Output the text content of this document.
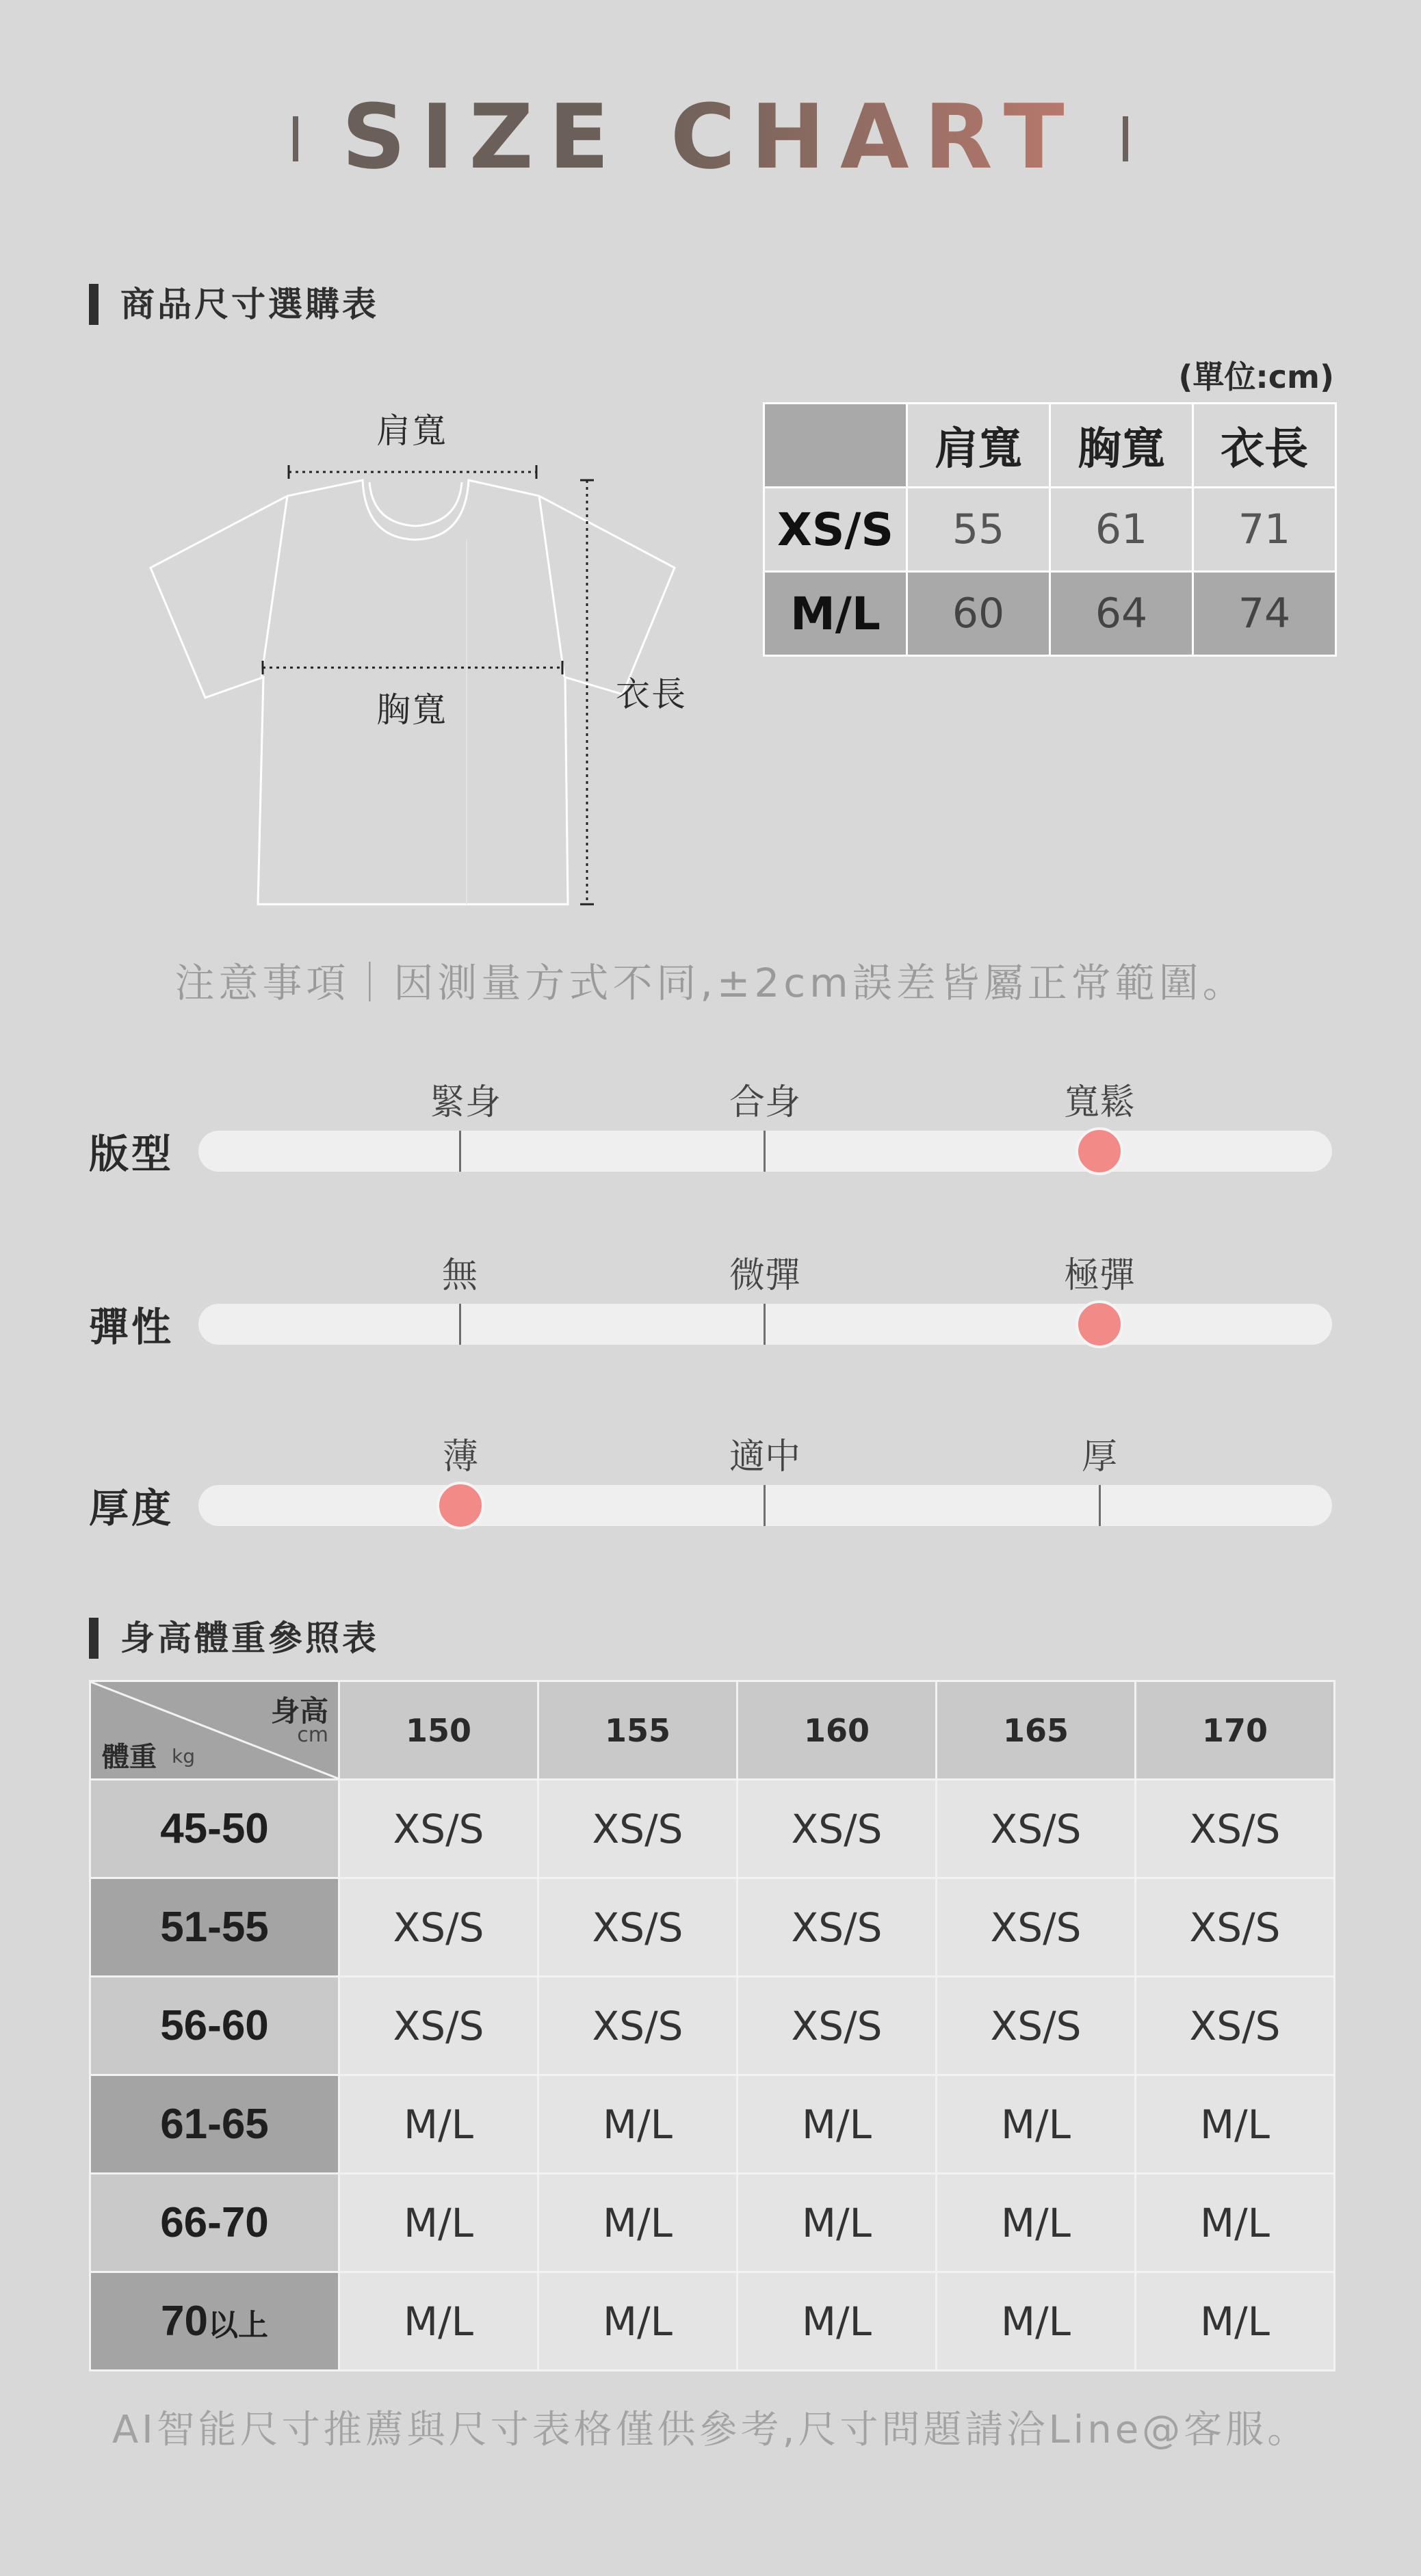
SIZE CHART
商品尺寸選購表
肩寬
胸寬	衣長
(單位:cm)
	肩寬	胸寬	衣長
XS/S	55	61	71
M/L	60	64	74
注意事項｜因測量方式不同,±2cm誤差皆屬正常範圍。
版型
緊身	合身	寬鬆
彈性
無	微彈	極彈
厚度
薄	適中	厚
身高體重參照表
身高
cm
體重 kg	150	155	160	165	170
45-50	XS/S	XS/S	XS/S	XS/S	XS/S
51-55	XS/S	XS/S	XS/S	XS/S	XS/S
56-60	XS/S	XS/S	XS/S	XS/S	XS/S
61-65	M/L	M/L	M/L	M/L	M/L
66-70	M/L	M/L	M/L	M/L	M/L
70以上	M/L	M/L	M/L	M/L	M/L
AI智能尺寸推薦與尺寸表格僅供參考,尺寸問題請洽Line@客服。
